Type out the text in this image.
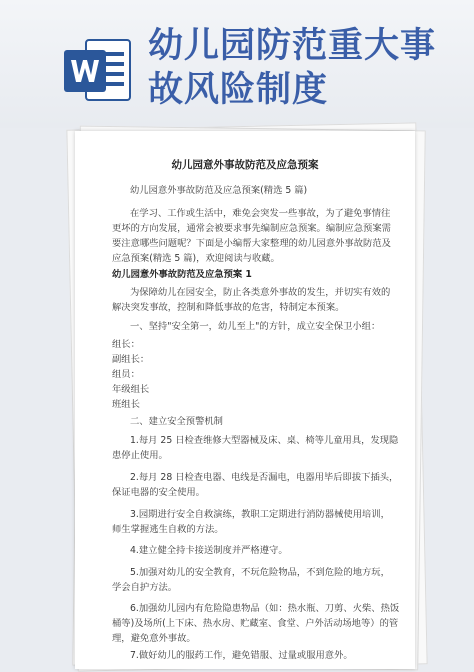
幼儿园防范重大事
故风险制度
幼儿园意外事故防范及应急预案
幼儿园意外事故防范及应急预案(精选 5 篇)
在学习、工作或生活中，难免会突发一些事故，为了避免事情往
更坏的方向发展，通常会被要求事先编制应急预案。编制应急预案需
要注意哪些问题呢？下面是小编帮大家整理的幼儿园意外事故防范及
应急预案(精选 5 篇)，欢迎阅读与收藏。
幼儿园意外事故防范及应急预案 1
为保障幼儿在园安全，防止各类意外事故的发生，并切实有效的
解决突发事故，控制和降低事故的危害，特制定本预案。
一、坚持"安全第一，幼儿至上"的方针，成立安全保卫小组：
组长：
副组长：
组员：
年级组长
班组长
二、建立安全预警机制
1.每月 25 日检查维修大型器械及床、桌、椅等儿童用具，发现隐
患停止使用。
2.每月 28 日检查电器、电线是否漏电，电器用毕后即拔下插头，
保证电器的安全使用。
3.园期进行安全自救演练，教职工定期进行消防器械使用培训，
师生掌握逃生自救的方法。
4.建立健全持卡接送制度并严格遵守。
5.加强对幼儿的安全教育，不玩危险物品，不到危险的地方玩，
学会自护方法。
6.加强幼儿园内有危险隐患物品（如：热水瓶、刀剪、火柴、热饭
桶等)及场所(上下床、热水房、贮藏室、食堂、户外活动场地等）的管
理，避免意外事故。
7.做好幼儿的服药工作，避免错服、过量或服用意外。
